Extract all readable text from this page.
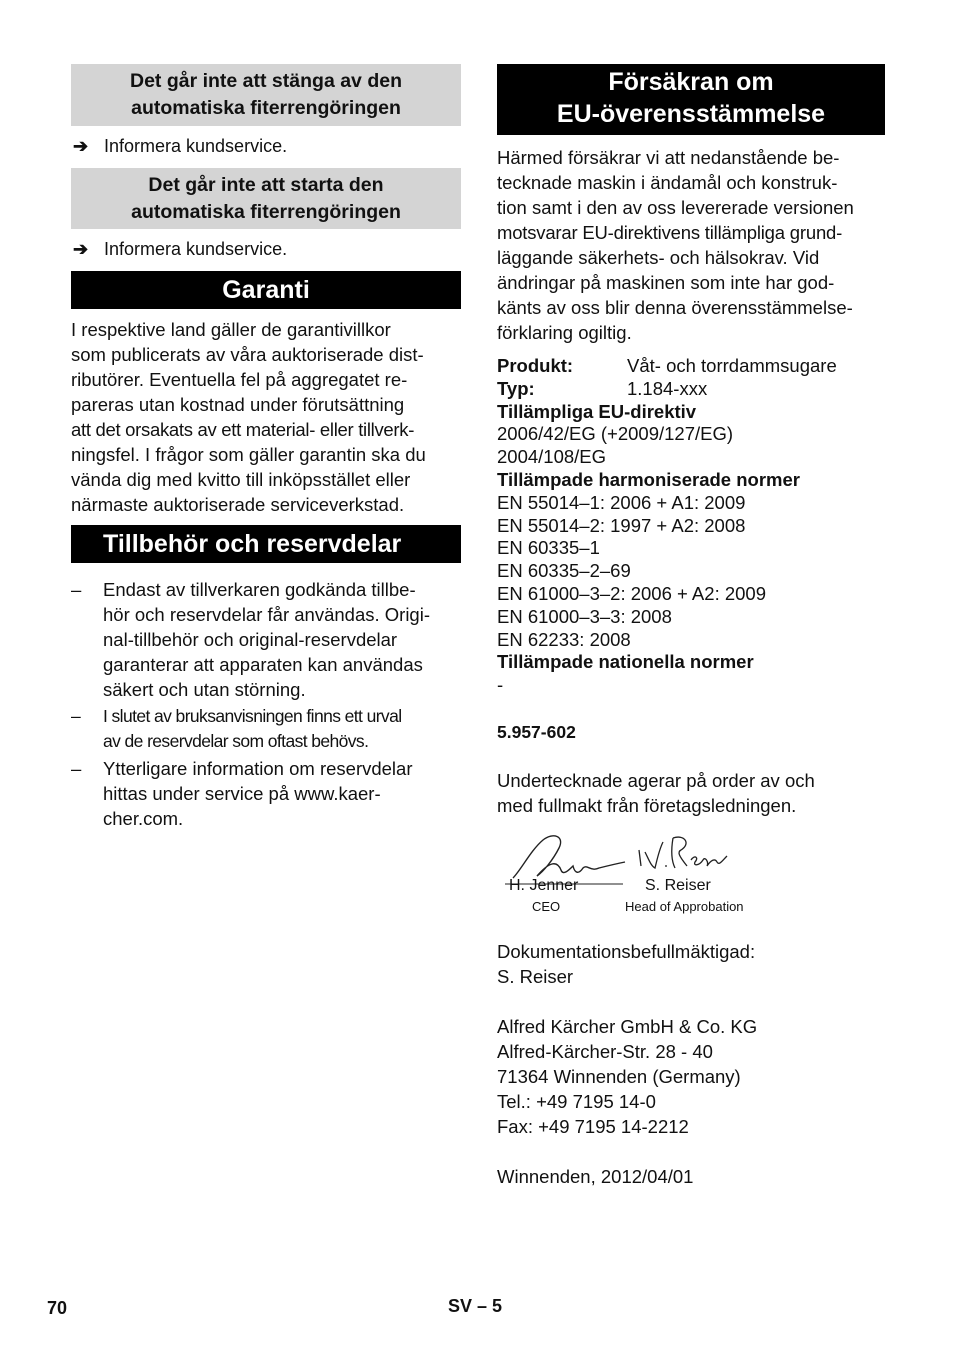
Det går inte att stänga av den
automatiska fiterrengöringen
➔ Informera kundservice.
Det går inte att starta den
automatiska fiterrengöringen
➔ Informera kundservice.
Garanti
I respektive land gäller de garantivillkor
som publicerats av våra auktoriserade dist-
ributörer. Eventuella fel på aggregatet re-
pareras utan kostnad under förutsättning
att det orsakats av ett material- eller tillverk-
ningsfel. I frågor som gäller garantin ska du
vända dig med kvitto till inköpsstället eller
närmaste auktoriserade serviceverkstad.
Tillbehör och reservdelar
– Endast av tillverkaren godkända tillbe-
hör och reservdelar får användas. Origi-
nal-tillbehör och original-reservdelar
garanterar att apparaten kan användas
säkert och utan störning.
– I slutet av bruksanvisningen finns ett urval
av de reservdelar som oftast behövs.
– Ytterligare information om reservdelar
hittas under service på www.kaer-
cher.com.
Försäkran om
EU-överensstämmelse
Härmed försäkrar vi att nedanstående be-
tecknade maskin i ändamål och konstruk-
tion samt i den av oss levererade versionen
motsvarar EU-direktivens tillämpliga grund-
läggande säkerhets- och hälsokrav. Vid
ändringar på maskinen som inte har god-
känts av oss blir denna överensstämmelse-
förklaring ogiltig.
Produkt:	Våt- och torrdammsugare
Typ:	1.184-xxx
Tillämpliga EU-direktiv
2006/42/EG (+2009/127/EG)
2004/108/EG
Tillämpade harmoniserade normer
EN 55014–1: 2006 + A1: 2009
EN 55014–2: 1997 + A2: 2008
EN 60335–1
EN 60335–2–69
EN 61000–3–2: 2006 + A2: 2009
EN 61000–3–3: 2008
EN 62233: 2008
Tillämpade nationella normer
-
5.957-602
Undertecknade agerar på order av och
med fullmakt från företagsledningen.
H. Jenner
CEO
S. Reiser
Head of Approbation
Dokumentationsbefullmäktigad:
S. Reiser
Alfred Kärcher GmbH & Co. KG
Alfred-Kärcher-Str. 28 - 40
71364 Winnenden (Germany)
Tel.: +49 7195 14-0
Fax: +49 7195 14-2212
Winnenden, 2012/04/01
70	SV – 5
